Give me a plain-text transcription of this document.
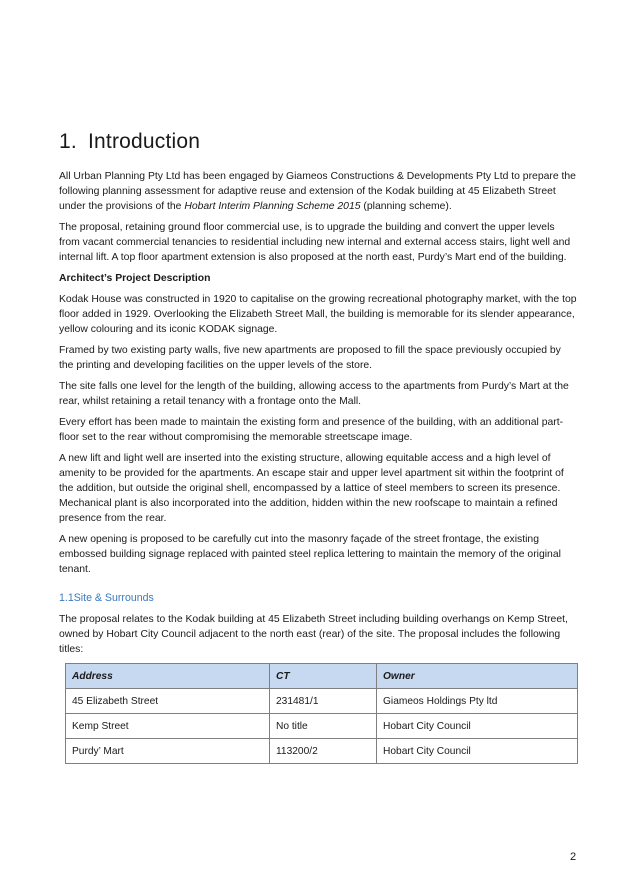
1. Introduction

All Urban Planning Pty Ltd has been engaged by Giameos Constructions & Developments Pty Ltd to prepare the following planning assessment for adaptive reuse and extension of the Kodak building at 45 Elizabeth Street under the provisions of the Hobart Interim Planning Scheme 2015 (planning scheme).

The proposal, retaining ground floor commercial use, is to upgrade the building and convert the upper levels from vacant commercial tenancies to residential including new internal and external access stairs, light well and internal lift. A top floor apartment extension is also proposed at the north east, Purdy’s Mart end of the building.

Architect’s Project Description

Kodak House was constructed in 1920 to capitalise on the growing recreational photography market, with the top floor added in 1929. Overlooking the Elizabeth Street Mall, the building is memorable for its slender appearance, yellow colouring and its iconic KODAK signage.

Framed by two existing party walls, five new apartments are proposed to fill the space previously occupied by the printing and developing facilities on the upper levels of the store.

The site falls one level for the length of the building, allowing access to the apartments from Purdy’s Mart at the rear, whilst retaining a retail tenancy with a frontage onto the Mall.

Every effort has been made to maintain the existing form and presence of the building, with an additional part-floor set to the rear without compromising the memorable streetscape image.

A new lift and light well are inserted into the existing structure, allowing equitable access and a high level of amenity to be provided for the apartments. An escape stair and upper level apartment sit within the footprint of the addition, but outside the original shell, encompassed by a lattice of steel members to screen its presence. Mechanical plant is also incorporated into the addition, hidden within the new roofscape to maintain a refined presence from the rear.

A new opening is proposed to be carefully cut into the masonry façade of the street frontage, the existing embossed building signage replaced with painted steel replica lettering to maintain the memory of the original tenant.

1.1Site & Surrounds

The proposal relates to the Kodak building at 45 Elizabeth Street including building overhangs on Kemp Street, owned by Hobart City Council adjacent to the north east (rear) of the site. The proposal includes the following titles:

Address	CT	Owner
45 Elizabeth Street	231481/1	Giameos Holdings Pty ltd
Kemp Street	No title	Hobart City Council
Purdy’ Mart	113200/2	Hobart City Council
2
